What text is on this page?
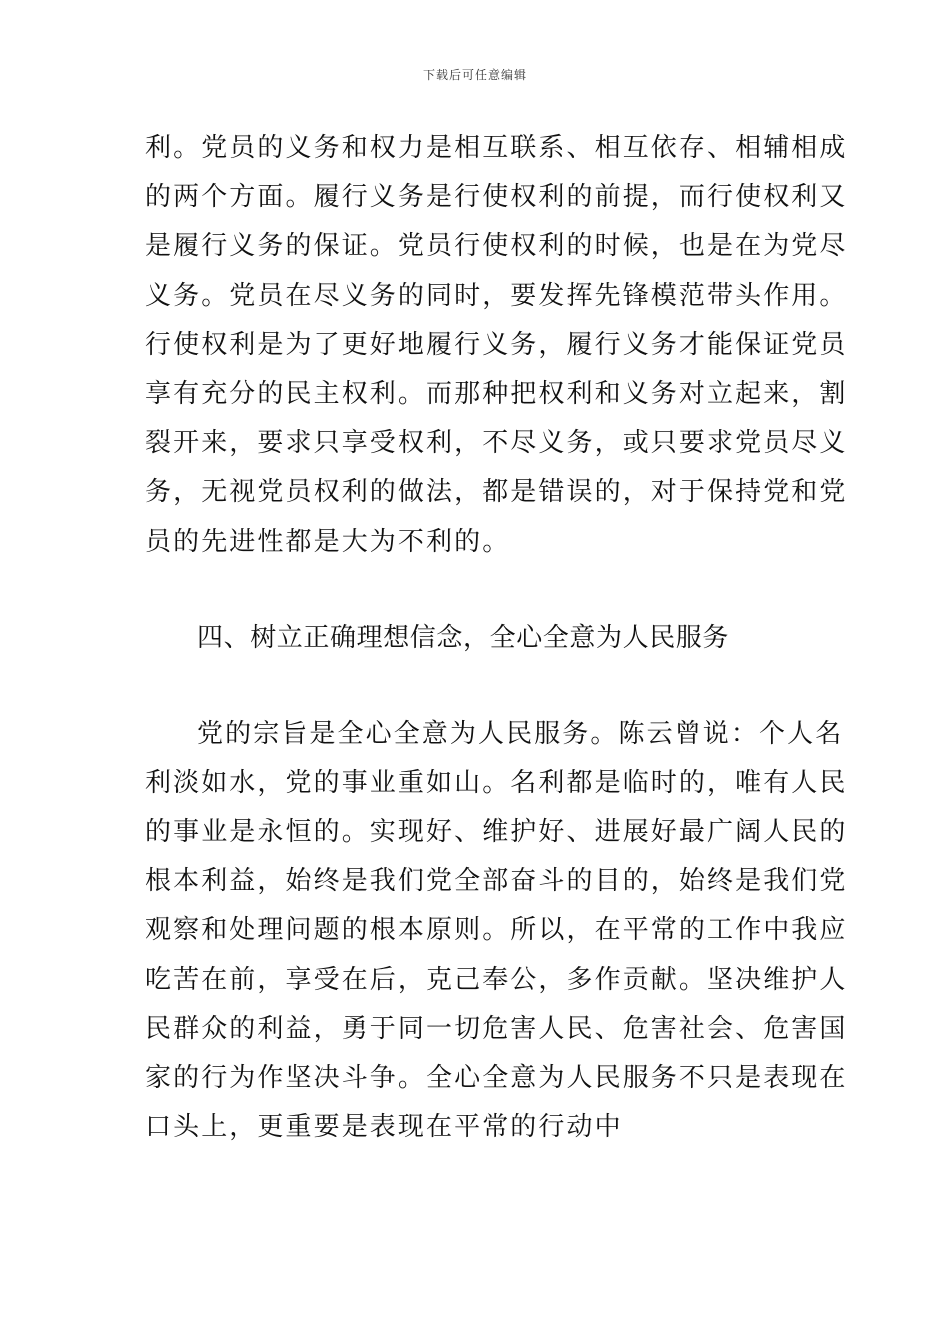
下载后可任意编辑
利。党员的义务和权力是相互联系、相互依存、相辅相成
的两个方面。履行义务是行使权利的前提，而行使权利又
是履行义务的保证。党员行使权利的时候，也是在为党尽
义务。党员在尽义务的同时，要发挥先锋模范带头作用。
行使权利是为了更好地履行义务，履行义务才能保证党员
享有充分的民主权利。而那种把权利和义务对立起来，割
裂开来，要求只享受权利，不尽义务，或只要求党员尽义
务，无视党员权利的做法，都是错误的，对于保持党和党
员的先进性都是大为不利的。
四、树立正确理想信念，全心全意为人民服务
党的宗旨是全心全意为人民服务。陈云曾说：个人名
利淡如水，党的事业重如山。名利都是临时的，唯有人民
的事业是永恒的。实现好、维护好、进展好最广阔人民的
根本利益，始终是我们党全部奋斗的目的，始终是我们党
观察和处理问题的根本原则。所以，在平常的工作中我应
吃苦在前，享受在后，克己奉公，多作贡献。坚决维护人
民群众的利益，勇于同一切危害人民、危害社会、危害国
家的行为作坚决斗争。全心全意为人民服务不只是表现在
口头上，更重要是表现在平常的行动中
